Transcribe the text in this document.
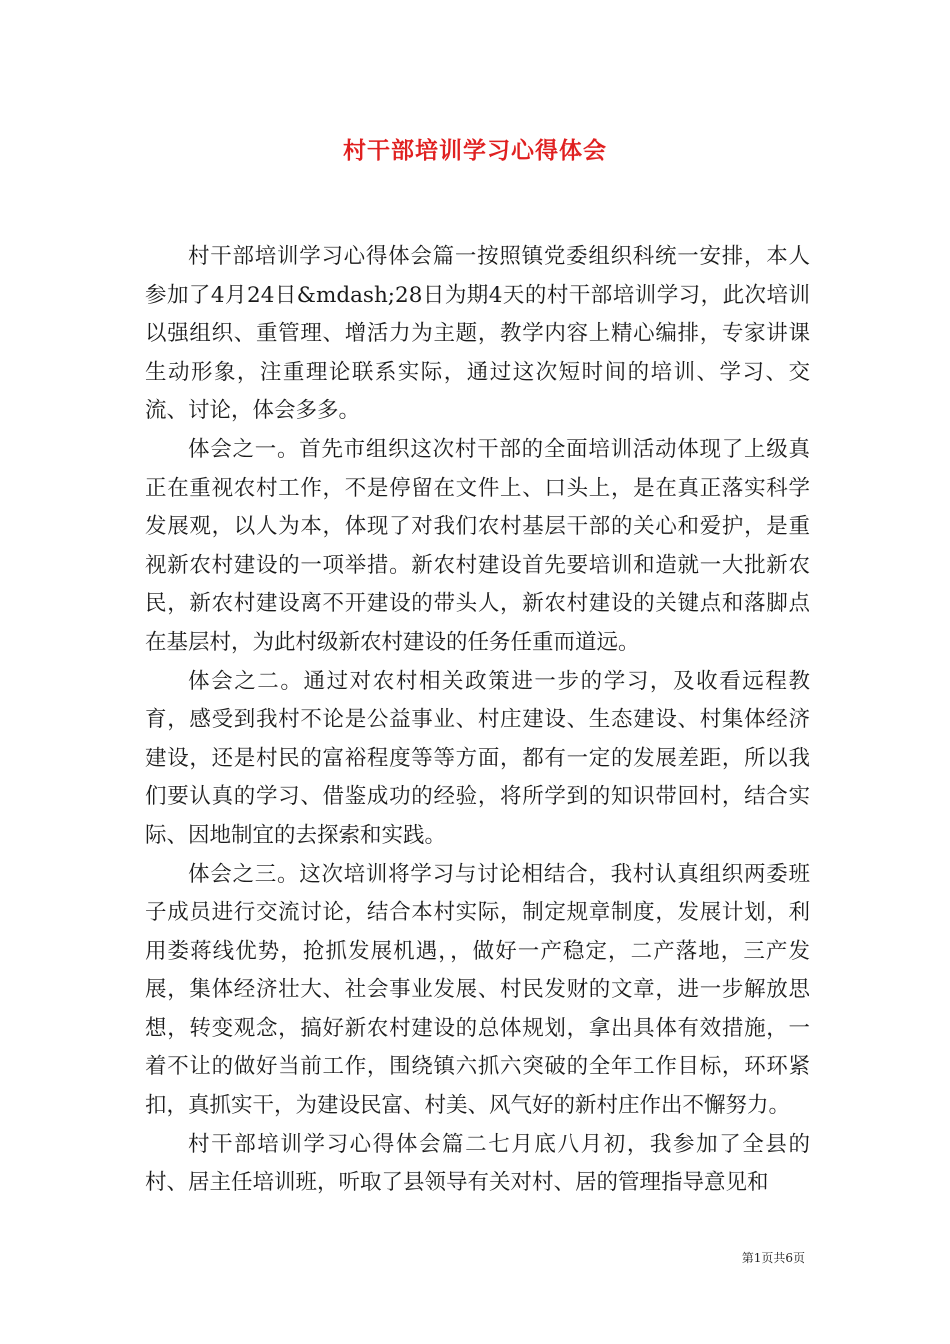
村干部培训学习心得体会

村干部培训学习心得体会篇一按照镇党委组织科统一安排，本人参加了4月24日&mdash;28日为期4天的村干部培训学习，此次培训以强组织、重管理、增活力为主题，教学内容上精心编排，专家讲课生动形象，注重理论联系实际，通过这次短时间的培训、学习、交流、讨论，体会多多。

体会之一。首先市组织这次村干部的全面培训活动体现了上级真正在重视农村工作，不是停留在文件上、口头上，是在真正落实科学发展观，以人为本，体现了对我们农村基层干部的关心和爱护，是重视新农村建设的一项举措。新农村建设首先要培训和造就一大批新农民，新农村建设离不开建设的带头人，新农村建设的关键点和落脚点在基层村，为此村级新农村建设的任务任重而道远。

体会之二。通过对农村相关政策进一步的学习，及收看远程教育，感受到我村不论是公益事业、村庄建设、生态建设、村集体经济建设，还是村民的富裕程度等等方面，都有一定的发展差距，所以我们要认真的学习、借鉴成功的经验，将所学到的知识带回村，结合实际、因地制宜的去探索和实践。

体会之三。这次培训将学习与讨论相结合，我村认真组织两委班子成员进行交流讨论，结合本村实际，制定规章制度，发展计划，利用娄蒋线优势，抢抓发展机遇，，做好一产稳定，二产落地，三产发展，集体经济壮大、社会事业发展、村民发财的文章，进一步解放思想，转变观念，搞好新农村建设的总体规划，拿出具体有效措施，一着不让的做好当前工作，围绕镇六抓六突破的全年工作目标，环环紧扣，真抓实干，为建设民富、村美、风气好的新村庄作出不懈努力。

村干部培训学习心得体会篇二七月底八月初，我参加了全县的村、居主任培训班，听取了县领导有关对村、居的管理指导意见和

第1页共6页
